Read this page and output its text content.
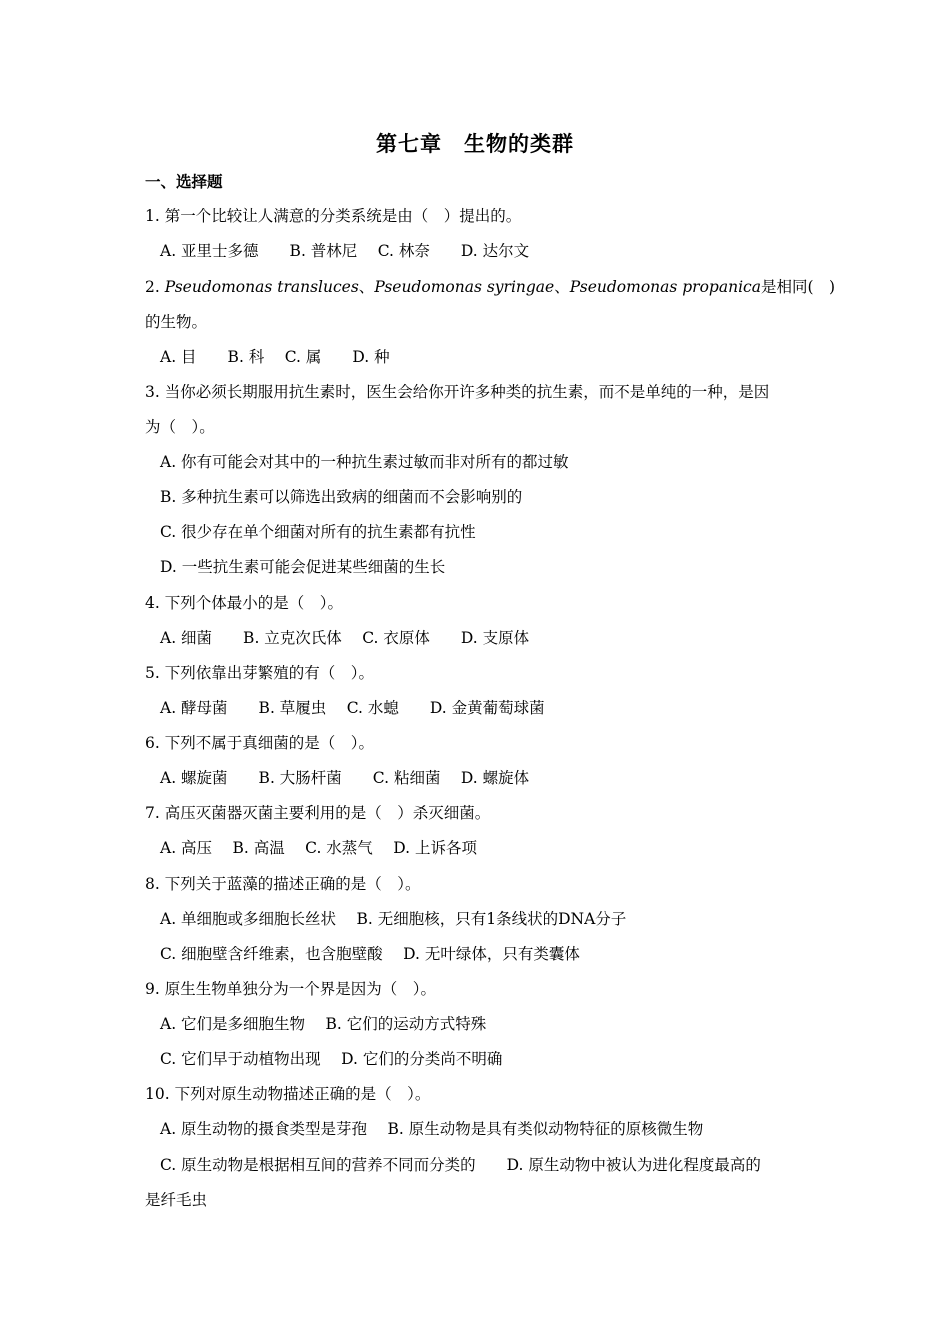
第七章　生物的类群
一、选择题
1. 第一个比较让人满意的分类系统是由（　）提出的。
A. 亚里士多德　　B. 普林尼　 C. 林奈　　D. 达尔文
2. Pseudomonas transluces、Pseudomonas syringae、Pseudomonas propanica是相同(　)
的生物。
A. 目　　B. 科　 C. 属　　D. 种
3. 当你必须长期服用抗生素时，医生会给你开许多种类的抗生素，而不是单纯的一种，是因
为（　）。
A. 你有可能会对其中的一种抗生素过敏而非对所有的都过敏
B. 多种抗生素可以筛选出致病的细菌而不会影响别的
C. 很少存在单个细菌对所有的抗生素都有抗性
D. 一些抗生素可能会促进某些细菌的生长
4. 下列个体最小的是（　）。
A. 细菌　　B. 立克次氏体　 C. 衣原体　　D. 支原体
5. 下列依靠出芽繁殖的有（　）。
A. 酵母菌　　B. 草履虫　 C. 水螅　　D. 金黄葡萄球菌
6. 下列不属于真细菌的是（　）。
A. 螺旋菌　　B. 大肠杆菌　　C. 粘细菌　 D. 螺旋体
7. 高压灭菌器灭菌主要利用的是（　）杀灭细菌。
A. 高压　 B. 高温　 C. 水蒸气　 D. 上诉各项
8. 下列关于蓝藻的描述正确的是（　）。
A. 单细胞或多细胞长丝状　 B. 无细胞核，只有1条线状的DNA分子
C. 细胞壁含纤维素，也含胞壁酸　 D. 无叶绿体，只有类囊体
9. 原生生物单独分为一个界是因为（　）。
A. 它们是多细胞生物　 B. 它们的运动方式特殊
C. 它们早于动植物出现　 D. 它们的分类尚不明确
10. 下列对原生动物描述正确的是（　）。
A. 原生动物的摄食类型是芽孢　 B. 原生动物是具有类似动物特征的原核微生物
C. 原生动物是根据相互间的营养不同而分类的　　D. 原生动物中被认为进化程度最高的
是纤毛虫
